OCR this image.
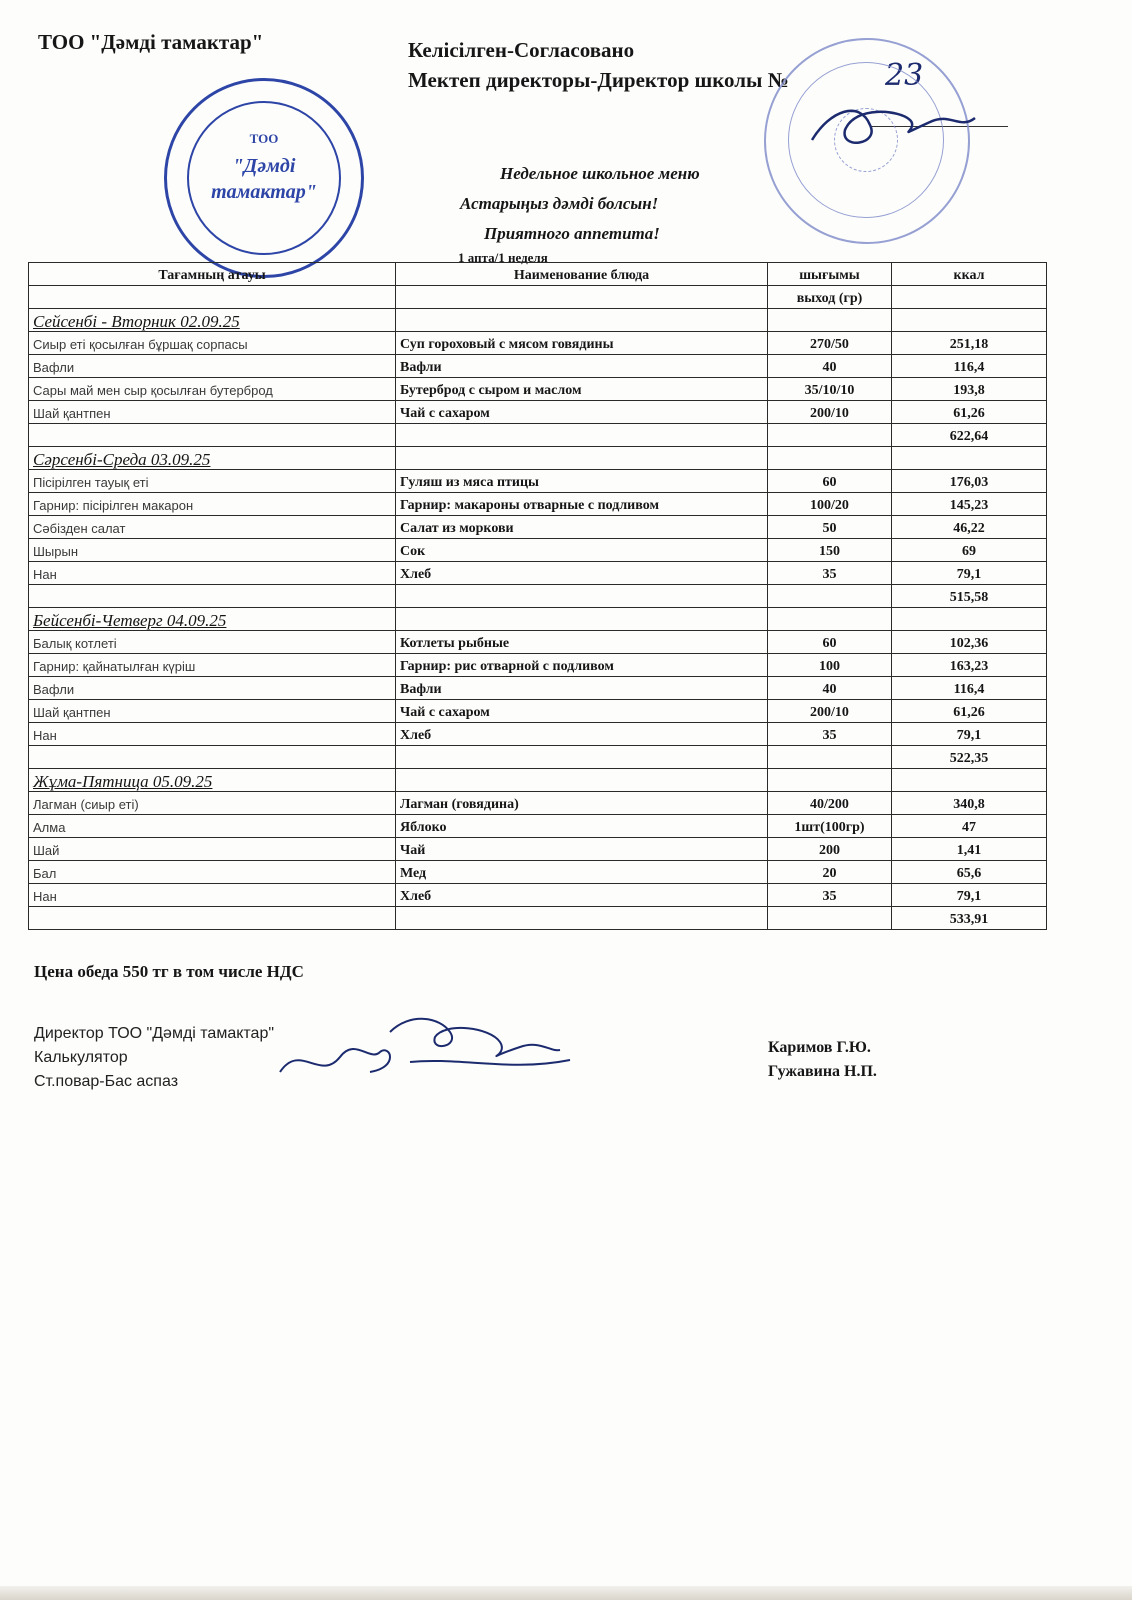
ТОО "Дәмді тамактар"	Келісілген-Согласовано
Мектеп директоры-Директор школы №	23
ТОО
"Дәмді
тамактар"
Недельное школьное меню
Астарыңыз дәмді болсын!
Приятного аппетита!
1 апта/1 неделя
Тағамның атауы	Наименование блюда	шығымы	ккал
		выход (гр)	
Сейсенбі - Вторник 02.09.25			
Сиыр еті қосылған бұршақ сорпасы	Суп гороховый с мясом говядины	270/50	251,18
Вафли	Вафли	40	116,4
Сары май мен сыр қосылған бутерброд	Бутерброд с сыром и маслом	35/10/10	193,8
Шай қантпен	Чай с сахаром	200/10	61,26
			622,64
Сәрсенбі-Среда 03.09.25			
Пісірілген тауық еті	Гуляш из мяса птицы	60	176,03
Гарнир: пісірілген макарон	Гарнир: макароны отварные с подливом	100/20	145,23
Сәбізден салат	Салат из моркови	50	46,22
Шырын	Сок	150	69
Нан	Хлеб	35	79,1
			515,58
Бейсенбі-Четверг 04.09.25			
Балық котлеті	Котлеты рыбные	60	102,36
Гарнир: қайнатылған күріш	Гарнир: рис отварной с подливом	100	163,23
Вафли	Вафли	40	116,4
Шай қантпен	Чай с сахаром	200/10	61,26
Нан	Хлеб	35	79,1
			522,35
Жұма-Пятница 05.09.25			
Лагман (сиыр еті)	Лагман (говядина)	40/200	340,8
Алма	Яблоко	1шт(100гр)	47
Шай	Чай	200	1,41
Бал	Мед	20	65,6
Нан	Хлеб	35	79,1
			533,91
Цена обеда 550 тг в том числе НДС
Директор ТОО "Дәмді тамактар"
Калькулятор
Ст.повар-Бас аспаз
Каримов Г.Ю.
Гужавина Н.П.
